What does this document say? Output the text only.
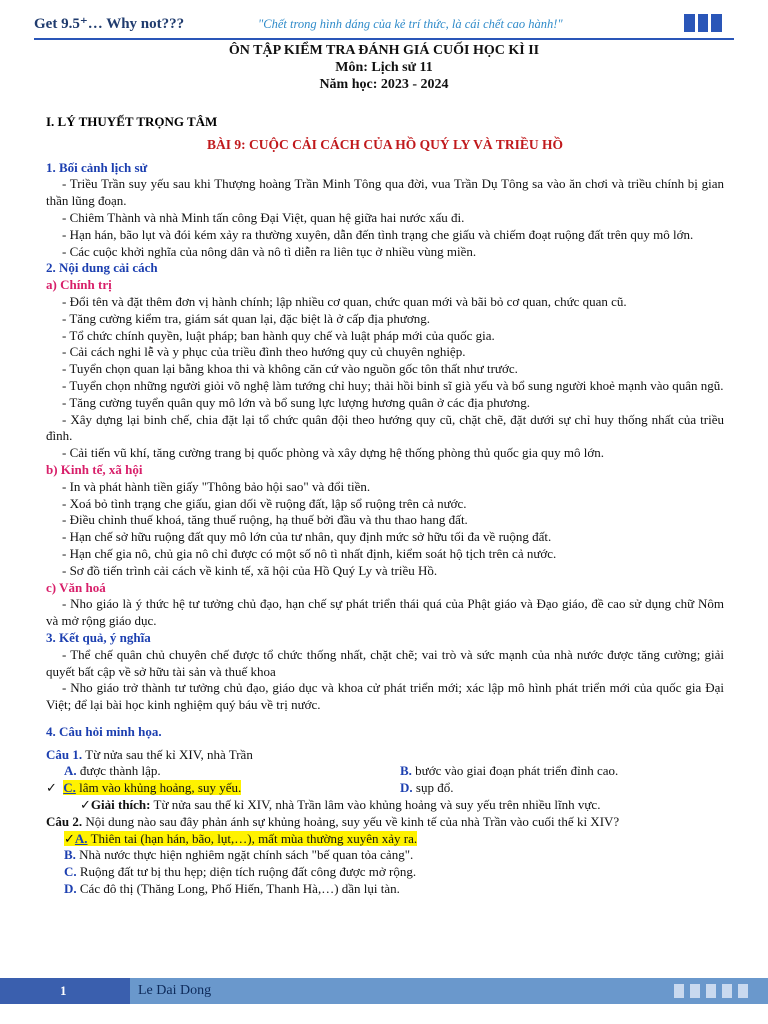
Get 9.5⁺… Why not???	"Chết trong hình dáng của kẻ trí thức, là cái chết cao hành!"
ÔN TẬP KIỂM TRA ĐÁNH GIÁ CUỐI HỌC KÌ II
Môn: Lịch sử 11
Năm học: 2023 - 2024
I. LÝ THUYẾT TRỌNG TÂM
BÀI 9: CUỘC CẢI CÁCH CỦA HỒ QUÝ LY VÀ TRIỀU HỒ
1. Bối cảnh lịch sử
- Triều Trần suy yếu sau khi Thượng hoàng Trần Minh Tông qua đời, vua Trần Dụ Tông sa vào ăn chơi và triều chính bị gian thần lũng đoạn.
- Chiêm Thành và nhà Minh tấn công Đại Việt, quan hệ giữa hai nước xấu đi.
- Hạn hán, bão lụt và đói kém xảy ra thường xuyên, dẫn đến tình trạng che giấu và chiếm đoạt ruộng đất trên quy mô lớn.
- Các cuộc khởi nghĩa của nông dân và nô tì diễn ra liên tục ở nhiều vùng miền.
2. Nội dung cải cách
a) Chính trị
- Đổi tên và đặt thêm đơn vị hành chính; lập nhiều cơ quan, chức quan mới và bãi bỏ cơ quan, chức quan cũ.
- Tăng cường kiểm tra, giám sát quan lại, đặc biệt là ở cấp địa phương.
- Tổ chức chính quyền, luật pháp; ban hành quy chế và luật pháp mới của quốc gia.
- Cải cách nghi lễ và y phục của triều đình theo hướng quy củ chuyên nghiệp.
- Tuyển chọn quan lại bằng khoa thi và không căn cứ vào nguồn gốc tôn thất như trước.
- Tuyển chọn những người giỏi võ nghệ làm tướng chỉ huy; thải hồi binh sĩ già yếu và bổ sung người khoẻ mạnh vào quân ngũ.
- Tăng cường tuyển quân quy mô lớn và bổ sung lực lượng hương quân ở các địa phương.
- Xây dựng lại binh chế, chia đặt lại tổ chức quân đội theo hướng quy cũ, chặt chẽ, đặt dưới sự chỉ huy thống nhất của triều đình.
- Cải tiến vũ khí, tăng cường trang bị quốc phòng và xây dựng hệ thống phòng thủ quốc gia quy mô lớn.
b) Kinh tế, xã hội
- In và phát hành tiền giấy "Thông bảo hội sao" và đổi tiền.
- Xoá bỏ tình trạng che giấu, gian dối về ruộng đất, lập sổ ruộng trên cả nước.
- Điều chỉnh thuế khoá, tăng thuế ruộng, hạ thuế bởi đầu và thu thao hang đất.
- Hạn chế sở hữu ruộng đất quy mô lớn của tư nhân, quy định mức sở hữu tối đa về ruộng đất.
- Hạn chế gia nô, chủ gia nô chỉ được có một số nô tì nhất định, kiểm soát hộ tịch trên cả nước.
- Sơ đồ tiến trình cải cách về kinh tế, xã hội của Hồ Quý Ly và triều Hồ.
c) Văn hoá
- Nho giáo là ý thức hệ tư tưởng chủ đạo, hạn chế sự phát triển thái quá của Phật giáo và Đạo giáo, đề cao sử dụng chữ Nôm và mở rộng giáo dục.
3. Kết quả, ý nghĩa
- Thể chế quân chủ chuyên chế được tổ chức thống nhất, chặt chẽ; vai trò và sức mạnh của nhà nước được tăng cường; giải quyết bất cập về sở hữu tài sản và thuế khoa
- Nho giáo trở thành tư tưởng chủ đạo, giáo dục và khoa cử phát triển mới; xác lập mô hình phát triển mới của quốc gia Đại Việt; để lại bài học kinh nghiệm quý báu về trị nước.
4. Câu hỏi minh họa.
Câu 1. Từ nửa sau thế kỉ XIV, nhà Trần
A. được thành lập.	B. bước vào giai đoạn phát triển đỉnh cao.
✓ C. lâm vào khủng hoảng, suy yếu.	D. sụp đổ.
✓Giải thích: Từ nửa sau thế kỉ XIV, nhà Trần lâm vào khủng hoảng và suy yếu trên nhiều lĩnh vực.
Câu 2. Nội dung nào sau đây phản ánh sự khủng hoảng, suy yếu về kinh tế của nhà Trần vào cuối thế kỉ XIV?
✓A. Thiên tai (hạn hán, bão, lụt,…), mất mùa thường xuyên xảy ra.
B. Nhà nước thực hiện nghiêm ngặt chính sách "bế quan tỏa cảng".
C. Ruộng đất tư bị thu hẹp; diện tích ruộng đất công được mở rộng.
D. Các đô thị (Thăng Long, Phố Hiến, Thanh Hà,…) dần lụi tàn.
1	Le Dai Dong
